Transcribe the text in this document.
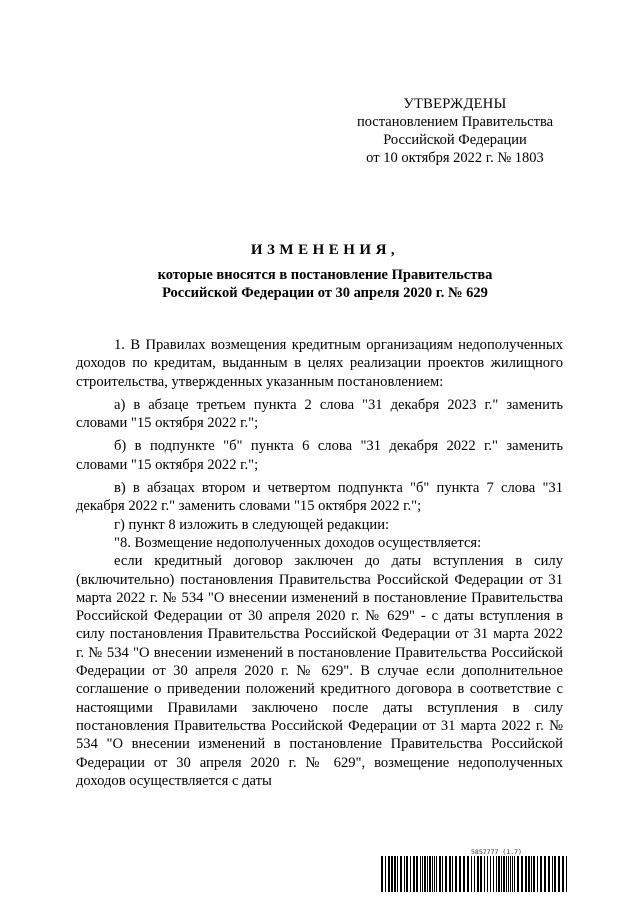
УТВЕРЖДЕНЫ
постановлением Правительства
Российской Федерации
от 10 октября 2022 г. № 1803
ИЗМЕНЕНИЯ,
которые вносятся в постановление Правительства
Российской Федерации от 30 апреля 2020 г. № 629
1. В Правилах возмещения кредитным организациям недополученных доходов по кредитам, выданным в целях реализации проектов жилищного строительства, утвержденных указанным постановлением:
а) в абзаце третьем пункта 2 слова "31 декабря 2023 г." заменить словами "15 октября 2022 г.";
б) в подпункте "б" пункта 6 слова "31 декабря 2022 г." заменить словами "15 октября 2022 г.";
в) в абзацах втором и четвертом подпункта "б" пункта 7 слова "31 декабря 2022 г." заменить словами "15 октября 2022 г.";
г) пункт 8 изложить в следующей редакции:
"8. Возмещение недополученных доходов осуществляется:
если кредитный договор заключен до даты вступления в силу (включительно) постановления Правительства Российской Федерации от 31 марта 2022 г. № 534 "О внесении изменений в постановление Правительства Российской Федерации от 30 апреля 2020 г. № 629" - с даты вступления в силу постановления Правительства Российской Федерации от 31 марта 2022 г. № 534 "О внесении изменений в постановление Правительства Российской Федерации от 30 апреля 2020 г. № 629". В случае если дополнительное соглашение о приведении положений кредитного договора в соответствие с настоящими Правилами заключено после даты вступления в силу постановления Правительства Российской Федерации от 31 марта 2022 г. № 534 "О внесении изменений в постановление Правительства Российской Федерации от 30 апреля 2020 г. № 629", возмещение недополученных доходов осуществляется с даты
5857777 (1.7)
